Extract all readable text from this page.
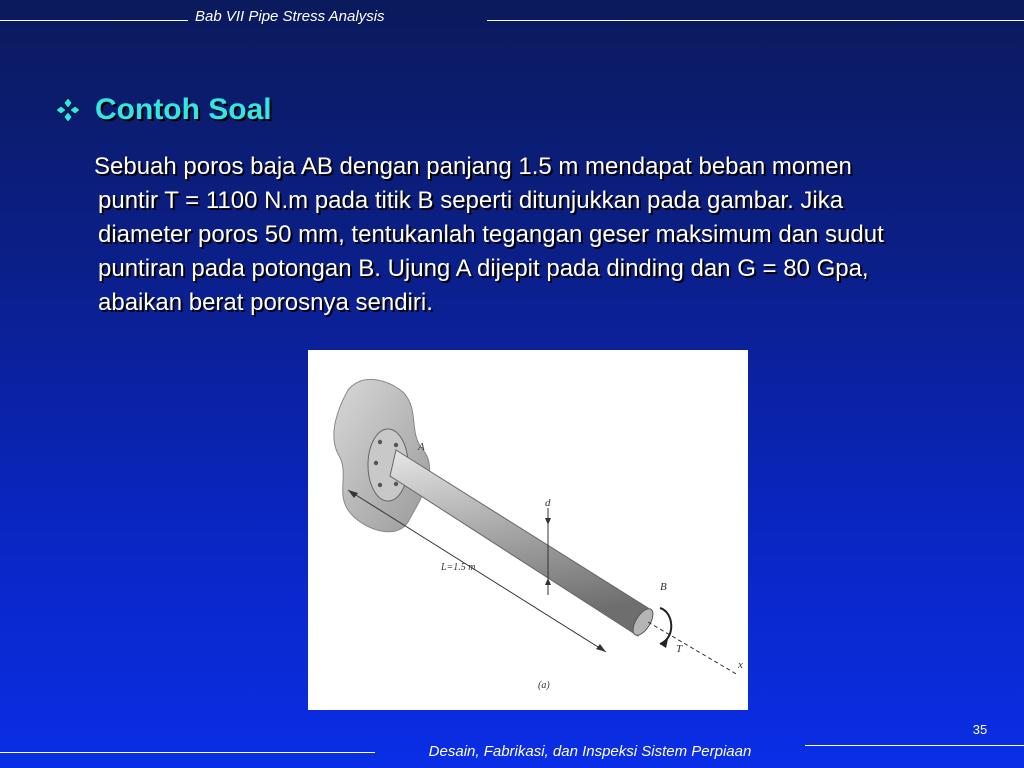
Bab VII Pipe Stress Analysis
Contoh Soal
Sebuah poros baja AB dengan panjang 1.5 m mendapat beban momen puntir T = 1100 N.m pada titik B seperti ditunjukkan pada gambar. Jika diameter poros 50 mm, tentukanlah tegangan geser maksimum dan sudut puntiran pada potongan B. Ujung A dijepit pada dinding dan G = 80 Gpa, abaikan berat porosnya sendiri.
A
B
d
L=1.5 m
T
x
(a)
35
Desain, Fabrikasi, dan Inspeksi Sistem Perpiaan
